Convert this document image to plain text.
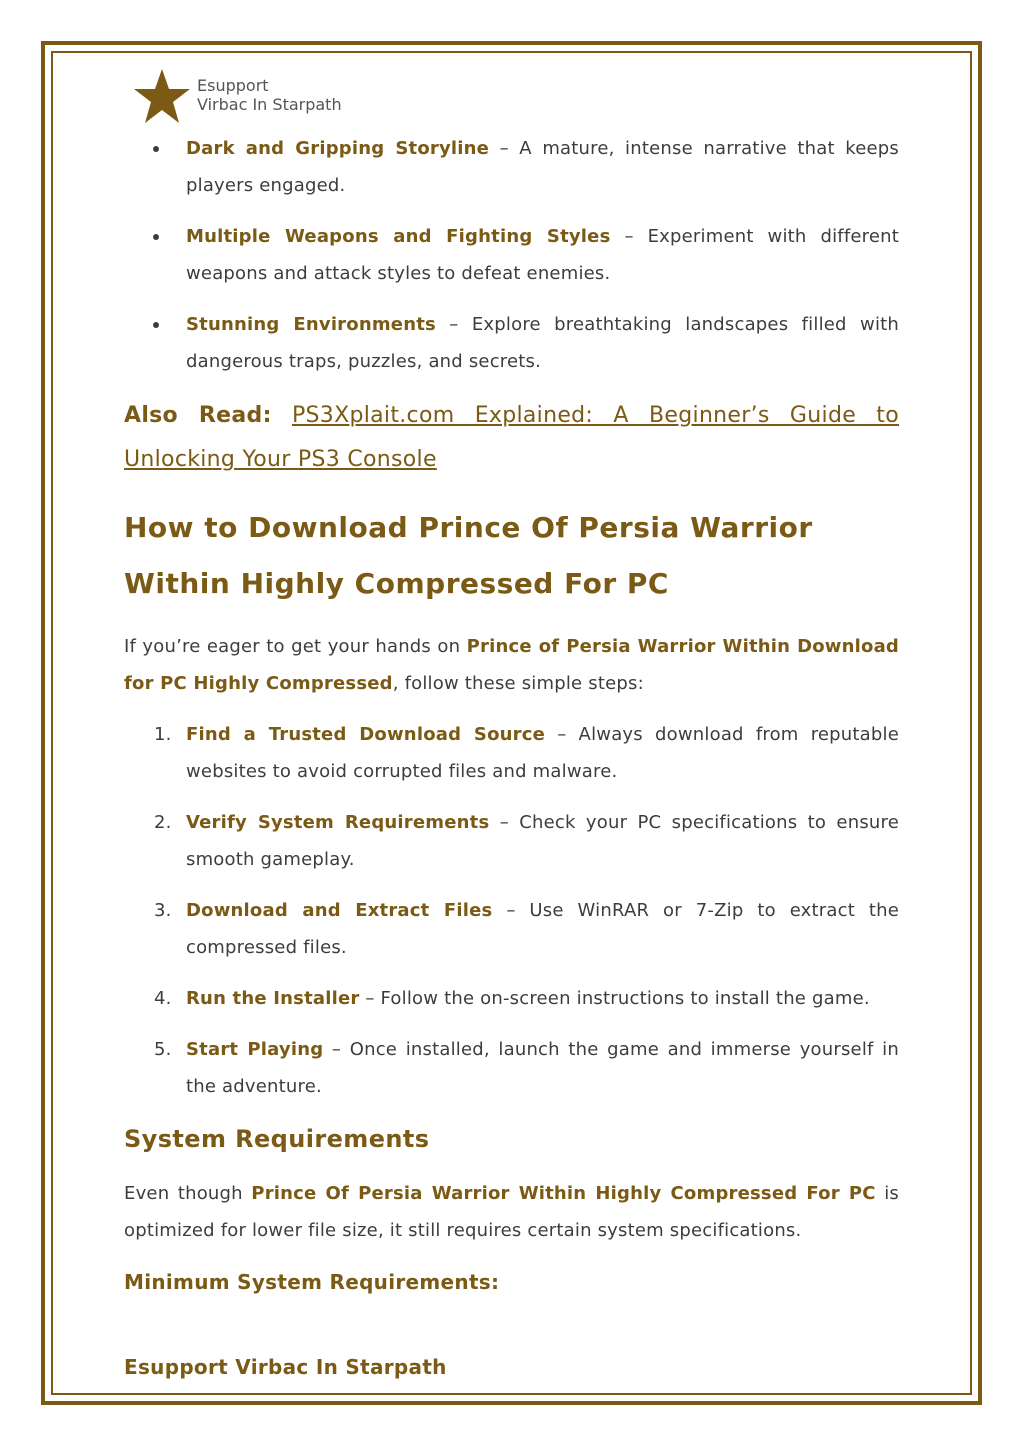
Esupport
Virbac In Starpath
Dark and Gripping Storyline – A mature, intense narrative that keeps players engaged.
Multiple Weapons and Fighting Styles – Experiment with different weapons and attack styles to defeat enemies.
Stunning Environments – Explore breathtaking landscapes filled with dangerous traps, puzzles, and secrets.
Also Read: PS3Xplait.com Explained: A Beginner’s Guide to Unlocking Your PS3 Console
How to Download Prince Of Persia Warrior Within Highly Compressed For PC

If you’re eager to get your hands on Prince of Persia Warrior Within Download for PC Highly Compressed, follow these simple steps:

1. Find a Trusted Download Source – Always download from reputable websites to avoid corrupted files and malware.
2. Verify System Requirements – Check your PC specifications to ensure smooth gameplay.
3. Download and Extract Files – Use WinRAR or 7-Zip to extract the compressed files.
4. Run the Installer – Follow the on-screen instructions to install the game.
5. Start Playing – Once installed, launch the game and immerse yourself in the adventure.
System Requirements

Even though Prince Of Persia Warrior Within Highly Compressed For PC is optimized for lower file size, it still requires certain system specifications.

Minimum System Requirements:
Esupport Virbac In Starpath
